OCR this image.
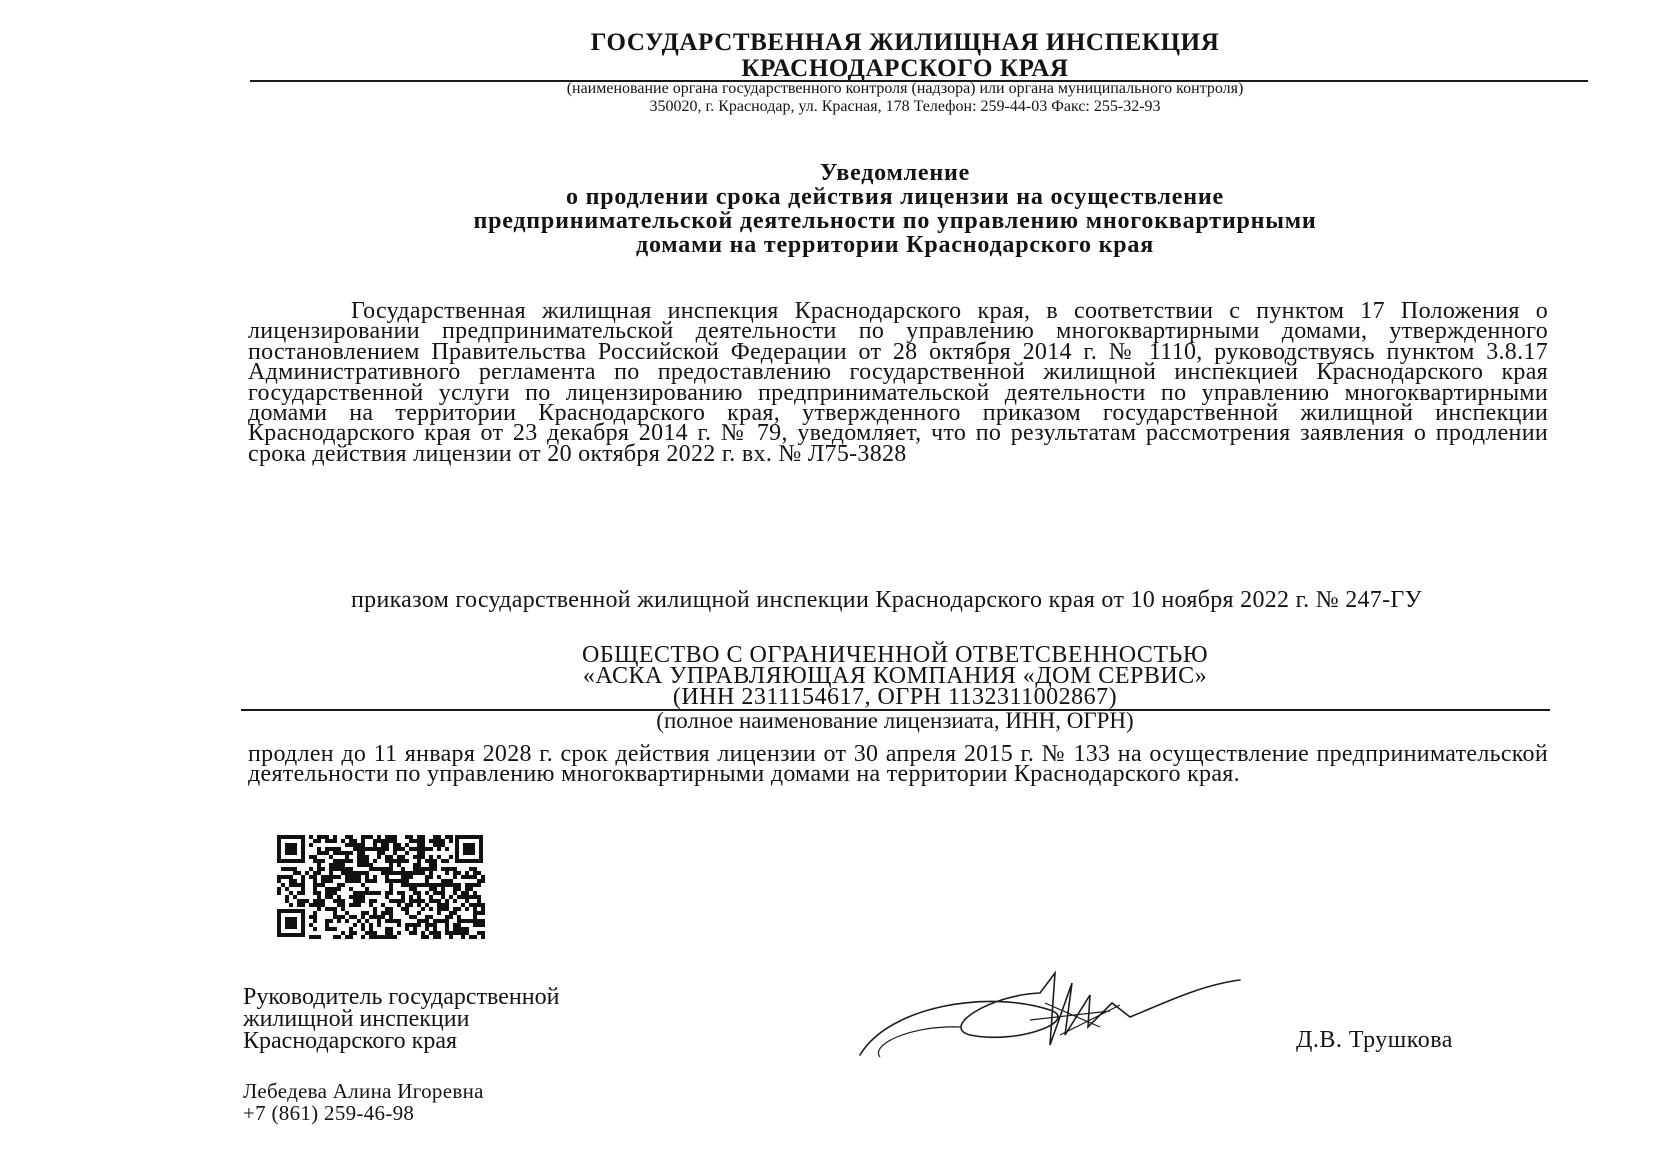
ГОСУДАРСТВЕННАЯ ЖИЛИЩНАЯ ИНСПЕКЦИЯ
КРАСНОДАРСКОГО КРАЯ
(наименование органа государственного контроля (надзора) или органа муниципального контроля)
350020, г. Краснодар, ул. Красная, 178 Телефон: 259-44-03 Факс: 255-32-93
Уведомление
о продлении срока действия лицензии на осуществление
предпринимательской деятельности по управлению многоквартирными
домами на территории Краснодарского края
Государственная жилищная инспекция Краснодарского края, в соответствии с пунктом 17 Положения о лицензировании предпринимательской деятельности по управлению многоквартирными домами, утвержденного постановлением Правительства Российской Федерации от 28 октября 2014 г. № 1110, руководствуясь пунктом 3.8.17 Административного регламента по предоставлению государственной жилищной инспекцией Краснодарского края государственной услуги по лицензированию предпринимательской деятельности по управлению многоквартирными домами на территории Краснодарского края, утвержденного приказом государственной жилищной инспекции Краснодарского края от 23 декабря 2014 г. № 79, уведомляет, что по результатам рассмотрения заявления о продлении срока действия лицензии от 20 октября 2022 г. вх. № Л75-3828
приказом государственной жилищной инспекции Краснодарского края от 10 ноября 2022 г. № 247-ГУ
ОБЩЕСТВО С ОГРАНИЧЕННОЙ ОТВЕТСВЕННОСТЬЮ
«АСКА УПРАВЛЯЮЩАЯ КОМПАНИЯ «ДОМ СЕРВИС»
(ИНН 2311154617, ОГРН 1132311002867)
(полное наименование лицензиата, ИНН, ОГРН)
продлен до 11 января 2028 г. срок действия лицензии от 30 апреля 2015 г. № 133 на осуществление предпринимательской деятельности по управлению многоквартирными домами на территории Краснодарского края.
Руководитель государственной
жилищной инспекции
Краснодарского края	Д.В. Трушкова
Лебедева Алина Игоревна
+7 (861) 259-46-98
